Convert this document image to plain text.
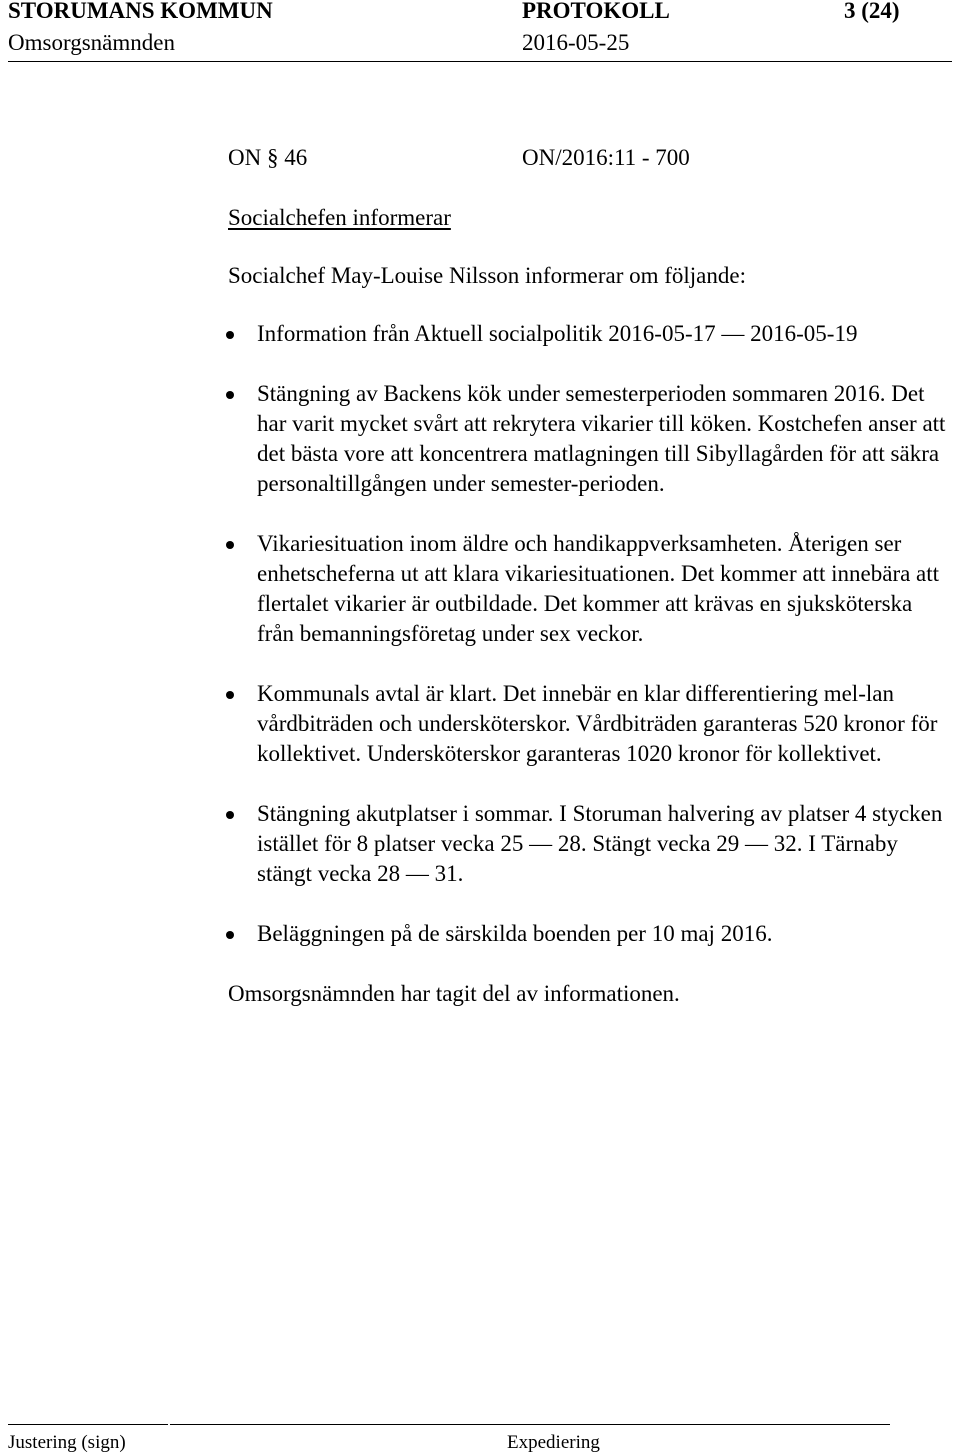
STORUMANS KOMMUN	PROTOKOLL	3 (24)
Omsorgsnämnden	2016-05-25
ON § 46	ON/2016:11 - 700
Socialchefen informerar
Socialchef May-Louise Nilsson informerar om följande:
Information från Aktuell socialpolitik 2016-05-17 — 2016-05-19
Stängning av Backens kök under semesterperioden sommaren 2016. Det har varit mycket svårt att rekrytera vikarier till köken. Kostchefen anser att det bästa vore att koncentrera matlagningen till Sibyllagården för att säkra personaltillgången under semester-perioden.
Vikariesituation inom äldre och handikappverksamheten. Återigen ser enhetscheferna ut att klara vikariesituationen. Det kommer att innebära att flertalet vikarier är outbildade. Det kommer att krävas en sjuksköterska från bemanningsföretag under sex veckor.
Kommunals avtal är klart. Det innebär en klar differentiering mel-lan vårdbiträden och undersköterskor. Vårdbiträden garanteras 520 kronor för kollektivet. Undersköterskor garanteras 1020 kronor för kollektivet.
Stängning akutplatser i sommar. I Storuman halvering av platser 4 stycken istället för 8 platser vecka 25 — 28. Stängt vecka 29 — 32. I Tärnaby stängt vecka 28 — 31.
Beläggningen på de särskilda boenden per 10 maj 2016.
Omsorgsnämnden har tagit del av informationen.
Justering (sign)	Expediering
